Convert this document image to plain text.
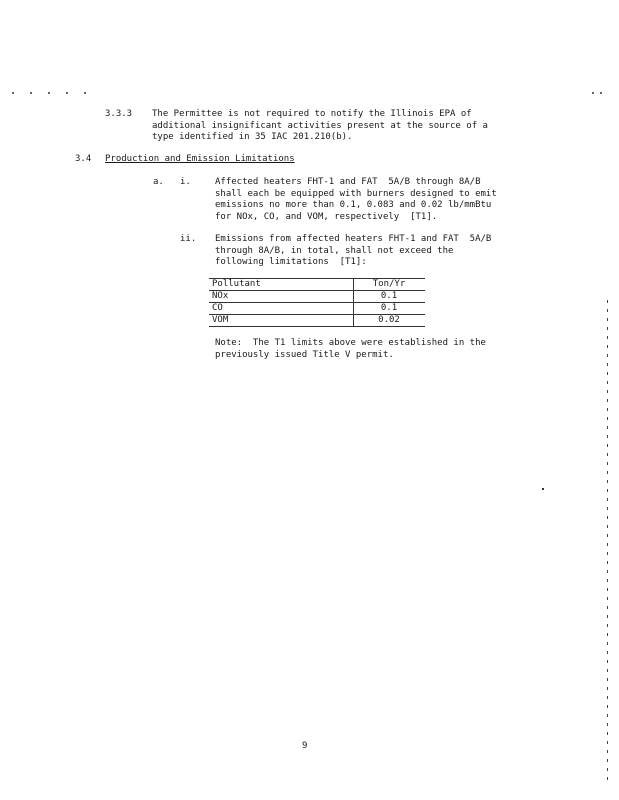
3.3.3 The Permittee is not required to notify the Illinois EPA of
additional insignificant activities present at the source of a
type identified in 35 IAC 201.210(b).
3.4 Production and Emission Limitations
a. i.	Affected heaters FHT-1 and FAT  5A/B through 8A/B
shall each be equipped with burners designed to emit
emissions no more than 0.1, 0.083 and 0.02 lb/mmBtu
for NOx, CO, and VOM, respectively  [T1].
ii. Emissions from affected heaters FHT-1 and FAT  5A/B
through 8A/B, in total, shall not exceed the
following limitations  [T1]:
Pollutant	Ton/Yr
NOx	0.1
CO	0.1
VOM	0.02
Note:  The T1 limits above were established in the
previously issued Title V permit.
9
